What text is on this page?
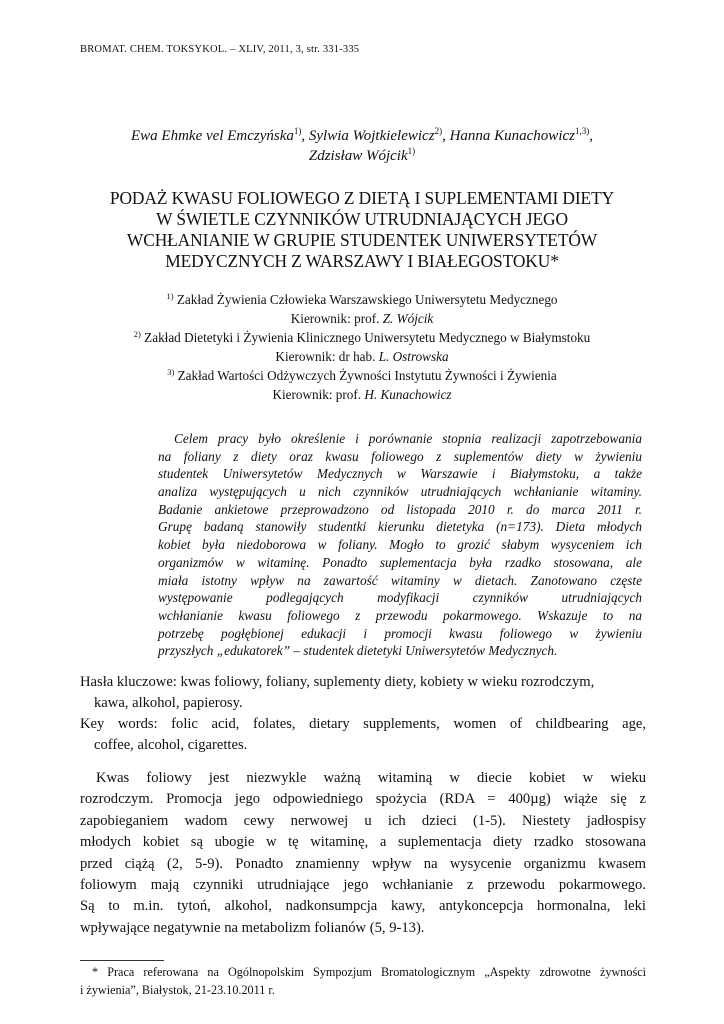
BROMAT. CHEM. TOKSYKOL. – XLIV, 2011, 3, str. 331-335
Ewa Ehmke vel Emczyńska$^{1)}$, Sylwia Wojtkielewicz$^{2)}$, Hanna Kunachowicz$^{1,3)}$,
Zdzisław Wójcik$^{1)}$
PODAŻ KWASU FOLIOWEGO Z DIETĄ I SUPLEMENTAMI DIETY
W ŚWIETLE CZYNNIKÓW UTRUDNIAJĄCYCH JEGO
WCHŁANIANIE W GRUPIE STUDENTEK UNIWERSYTETÓW
MEDYCZNYCH Z WARSZAWY I BIAŁEGOSTOKU*
$^{1)}$ Zakład Żywienia Człowieka Warszawskiego Uniwersytetu Medycznego
Kierownik: prof. Z. Wójcik
$^{2)}$ Zakład Dietetyki i Żywienia Klinicznego Uniwersytetu Medycznego w Białymstoku
Kierownik: dr hab. L. Ostrowska
$^{3)}$ Zakład Wartości Odżywczych Żywności Instytutu Żywności i Żywienia
Kierownik: prof. H. Kunachowicz
Celem pracy było określenie i porównanie stopnia realizacji zapotrzebowania
na foliany z diety oraz kwasu foliowego z suplementów diety w żywieniu
studentek Uniwersytetów Medycznych w Warszawie i Białymstoku, a także
analiza występujących u nich czynników utrudniających wchłanianie witaminy.
Badanie ankietowe przeprowadzono od listopada 2010 r. do marca 2011 r.
Grupę badaną stanowiły studentki kierunku dietetyka (n=173). Dieta młodych
kobiet była niedoborowa w foliany. Mogło to grozić słabym wysyceniem ich
organizmów w witaminę. Ponadto suplementacja była rzadko stosowana, ale
miała istotny wpływ na zawartość witaminy w dietach. Zanotowano częste
występowanie podlegających modyfikacji czynników utrudniających
wchłanianie kwasu foliowego z przewodu pokarmowego. Wskazuje to na
potrzebę pogłębionej edukacji i promocji kwasu foliowego w żywieniu
przyszłych „edukatorek” – studentek dietetyki Uniwersytetów Medycznych.
Hasła kluczowe: kwas foliowy, foliany, suplementy diety, kobiety w wieku rozrodczym,
kawa, alkohol, papierosy.
Key words: folic acid, folates, dietary supplements, women of childbearing age,
coffee, alcohol, cigarettes.
Kwas foliowy jest niezwykle ważną witaminą w diecie kobiet w wieku
rozrodczym. Promocja jego odpowiedniego spożycia (RDA = 400µg) wiąże się z
zapobieganiem wadom cewy nerwowej u ich dzieci (1-5). Niestety jadłospisy
młodych kobiet są ubogie w tę witaminę, a suplementacja diety rzadko stosowana
przed ciążą (2, 5-9). Ponadto znamienny wpływ na wysycenie organizmu kwasem
foliowym mają czynniki utrudniające jego wchłanianie z przewodu pokarmowego.
Są to m.in. tytoń, alkohol, nadkonsumpcja kawy, antykoncepcja hormonalna, leki
wpływające negatywnie na metabolizm folianów (5, 9-13).
* Praca referowana na Ogólnopolskim Sympozjum Bromatologicznym „Aspekty zdrowotne żywności
i żywienia”, Białystok, 21-23.10.2011 r.
